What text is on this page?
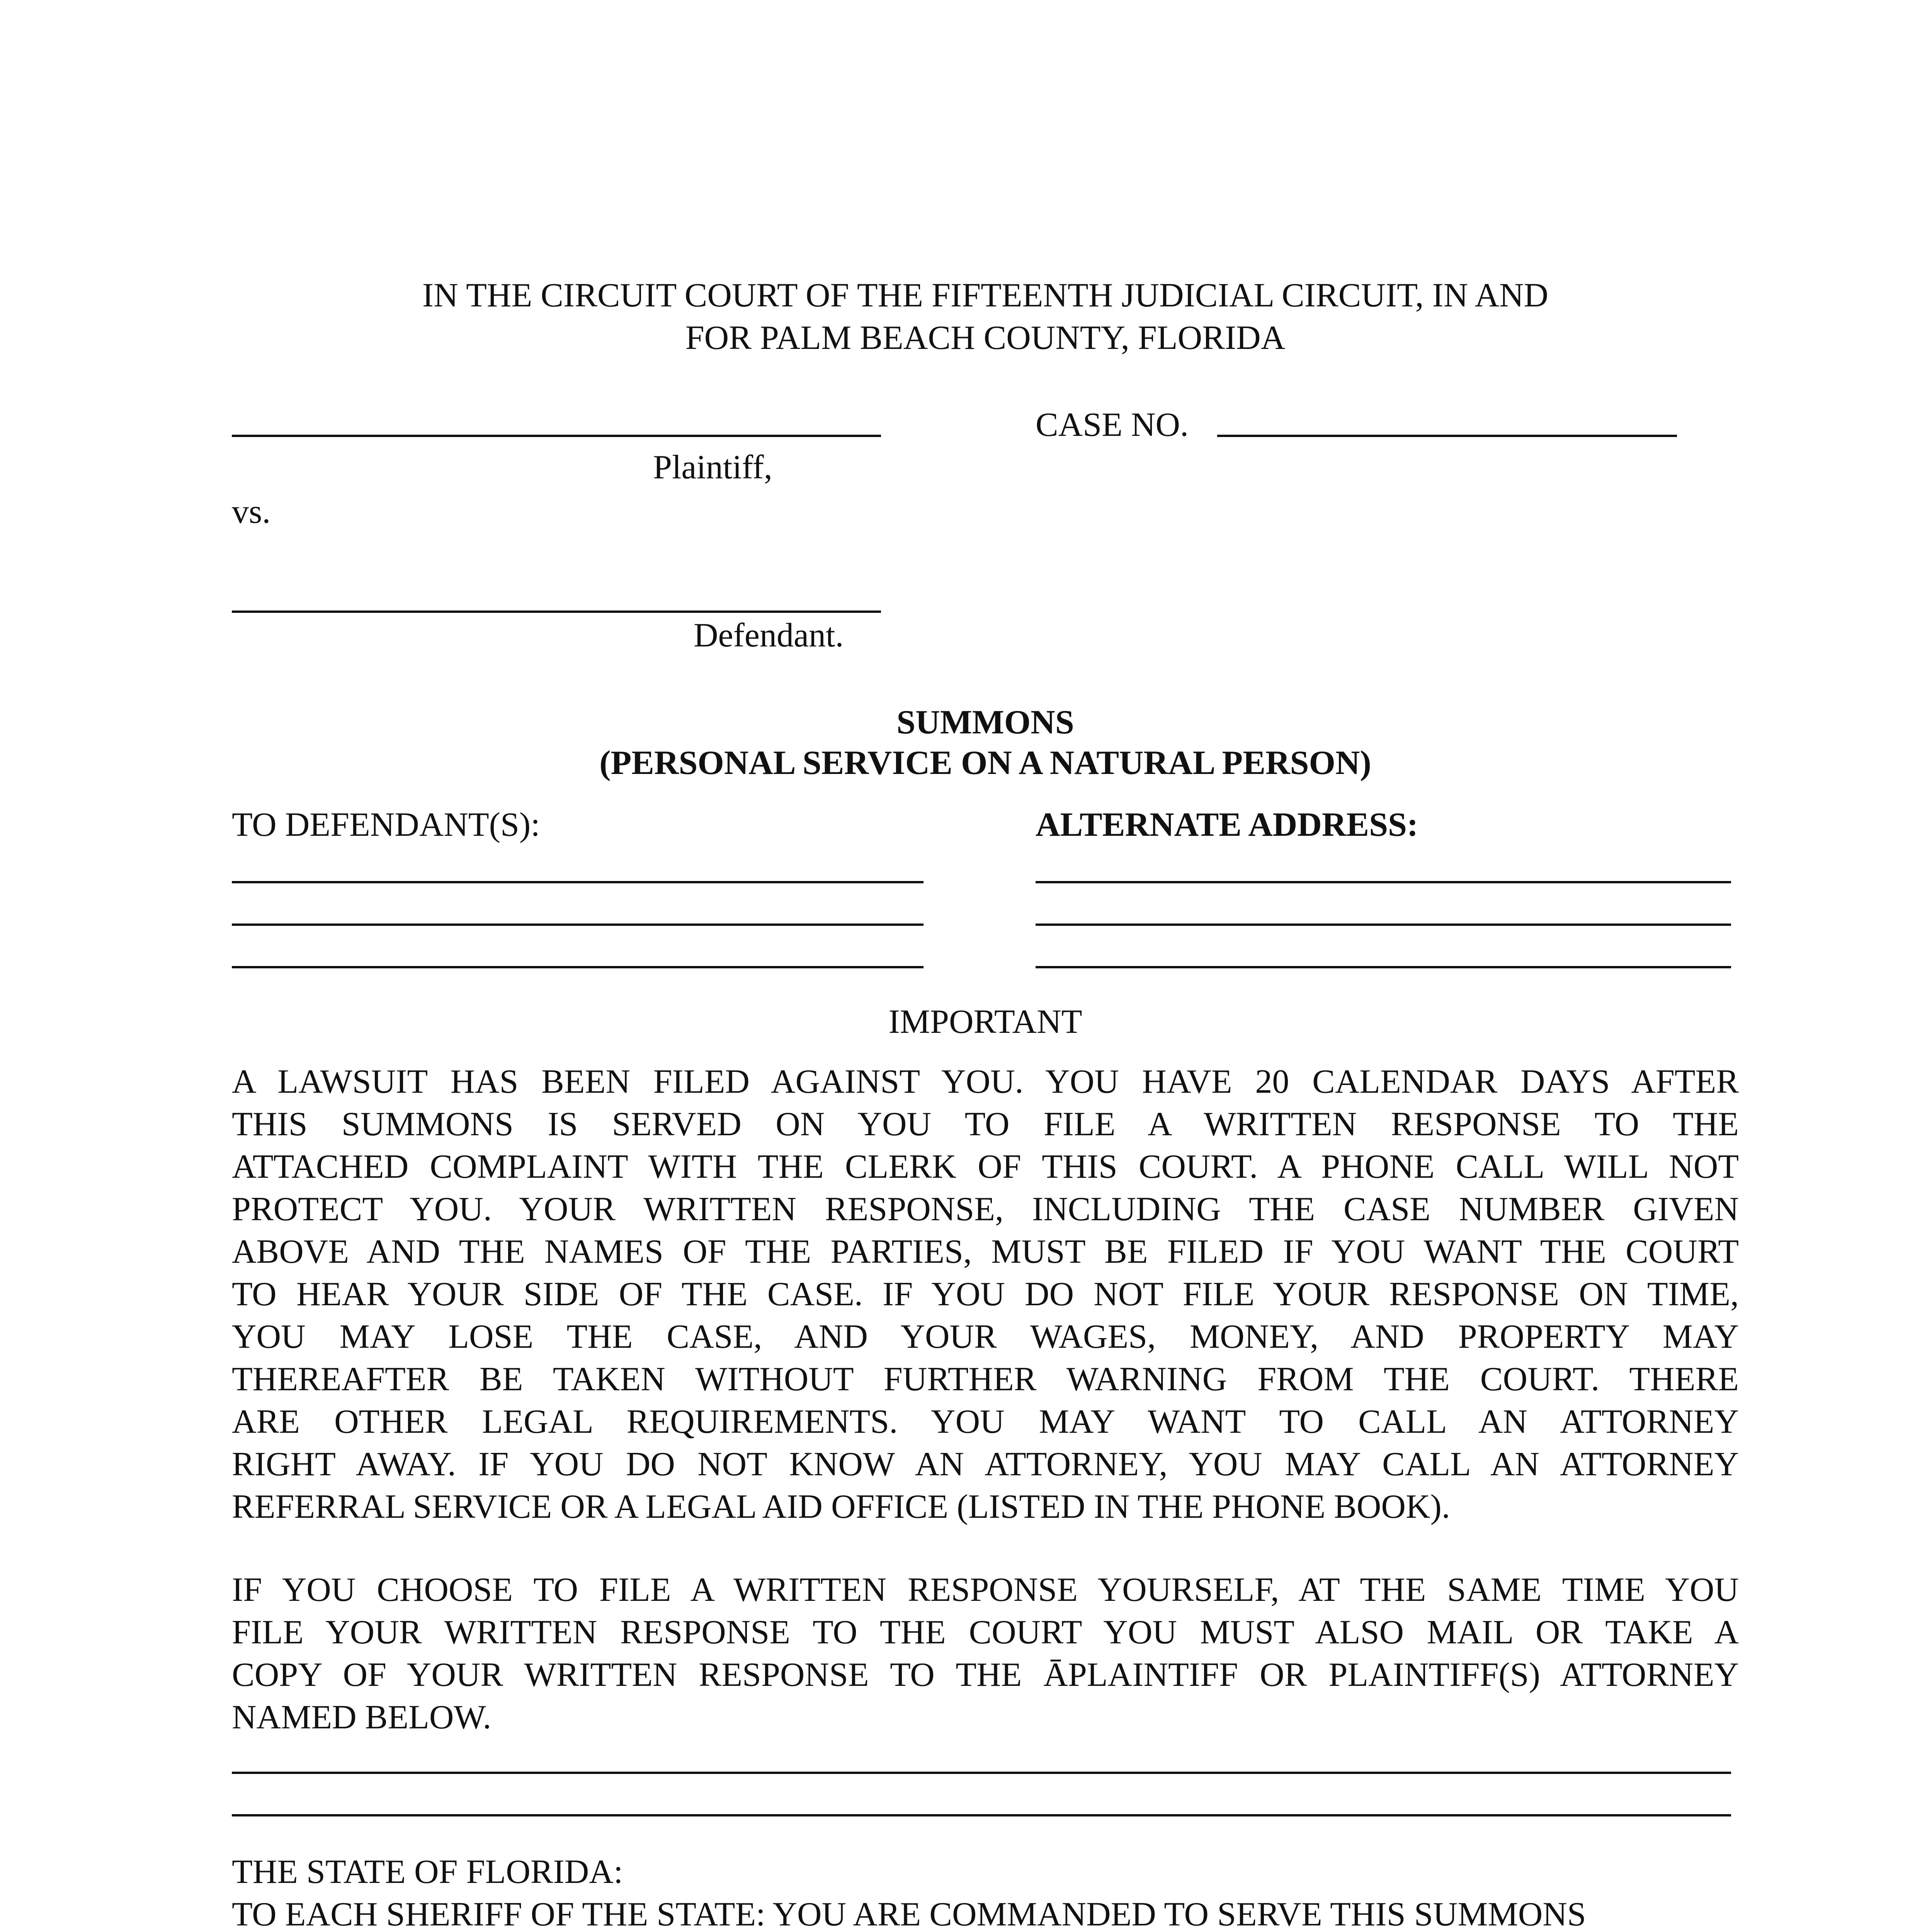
IN THE CIRCUIT COURT OF THE FIFTEENTH JUDICIAL CIRCUIT, IN AND
FOR PALM BEACH COUNTY, FLORIDA
CASE NO.
Plaintiff,
vs.
Defendant.
SUMMONS
(PERSONAL SERVICE ON A NATURAL PERSON)
TO DEFENDANT(S):	ALTERNATE ADDRESS:
IMPORTANT
A LAWSUIT HAS BEEN FILED AGAINST YOU. YOU HAVE 20 CALENDAR DAYS AFTER
THIS SUMMONS IS SERVED ON YOU TO FILE A WRITTEN RESPONSE TO THE
ATTACHED COMPLAINT WITH THE CLERK OF THIS COURT. A PHONE CALL WILL NOT
PROTECT YOU. YOUR WRITTEN RESPONSE, INCLUDING THE CASE NUMBER GIVEN
ABOVE AND THE NAMES OF THE PARTIES, MUST BE FILED IF YOU WANT THE COURT
TO HEAR YOUR SIDE OF THE CASE. IF YOU DO NOT FILE YOUR RESPONSE ON TIME,
YOU MAY LOSE THE CASE, AND YOUR WAGES, MONEY, AND PROPERTY MAY
THEREAFTER BE TAKEN WITHOUT FURTHER WARNING FROM THE COURT. THERE
ARE OTHER LEGAL REQUIREMENTS. YOU MAY WANT TO CALL AN ATTORNEY
RIGHT AWAY. IF YOU DO NOT KNOW AN ATTORNEY, YOU MAY CALL AN ATTORNEY
REFERRAL SERVICE OR A LEGAL AID OFFICE (LISTED IN THE PHONE BOOK).
IF YOU CHOOSE TO FILE A WRITTEN RESPONSE YOURSELF, AT THE SAME TIME YOU
FILE YOUR WRITTEN RESPONSE TO THE COURT YOU MUST ALSO MAIL OR TAKE A
COPY OF YOUR WRITTEN RESPONSE TO THE ĀPLAINTIFF OR PLAINTIFF(S) ATTORNEY
NAMED BELOW.
THE STATE OF FLORIDA:
TO EACH SHERIFF OF THE STATE: YOU ARE COMMANDED TO SERVE THIS SUMMONS
